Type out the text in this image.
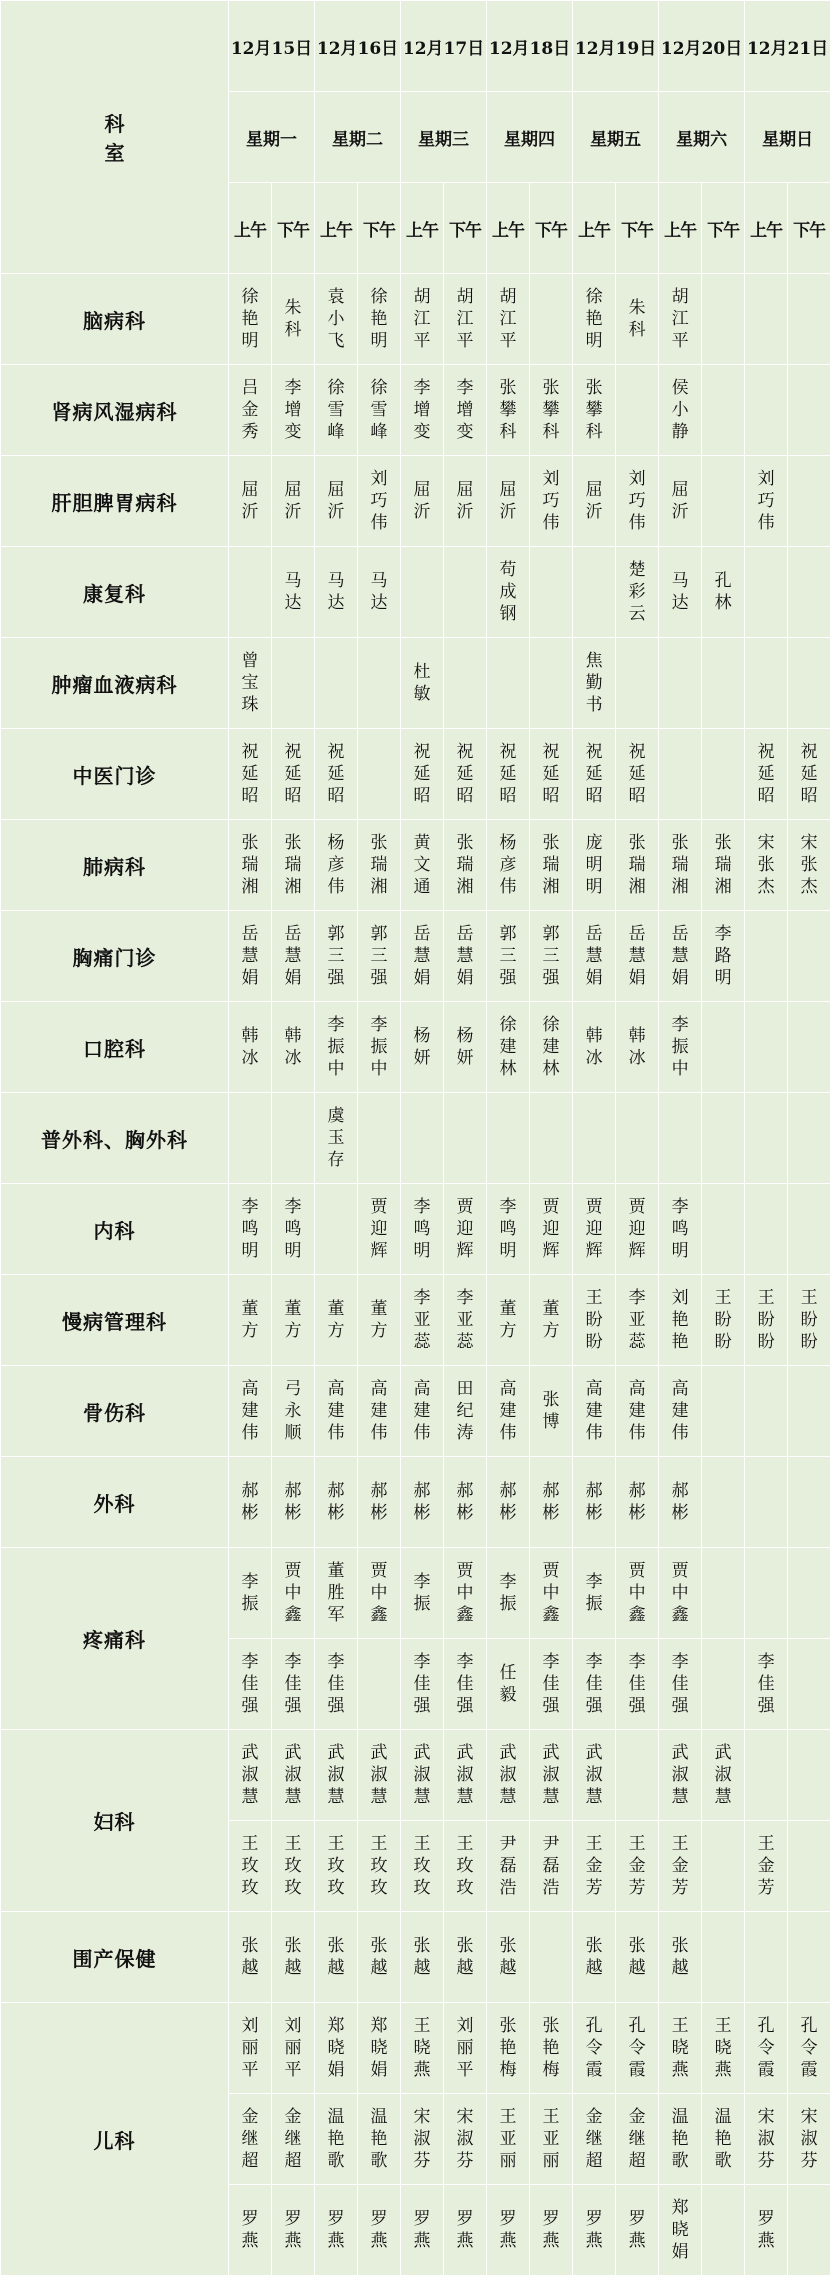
科　室	12月15日		12月16日		12月17日		12月18日		12月19日		12月20日		12月21日	
	星期一		星期二		星期三		星期四		星期五		星期六		星期日	
	上午	下午	上午	下午	上午	下午	上午	下午	上午	下午	上午	下午	上午	下午
脑病科	徐艳明	朱科	袁小飞	徐艳明	胡江平	胡江平	胡江平		徐艳明	朱科	胡江平			
肾病风湿病科	吕金秀	李增变	徐雪峰	徐雪峰	李增变	李增变	张攀科	张攀科	张攀科		侯小静			
肝胆脾胃病科	屈沂	屈沂	屈沂	刘巧伟	屈沂	屈沂	屈沂	刘巧伟	屈沂	刘巧伟	屈沂		刘巧伟	
康复科		马达	马达	马达			苟成钢			楚彩云	马达	孔林		
肿瘤血液病科	曾宝珠				杜敏				焦勤书					
中医门诊	祝延昭	祝延昭	祝延昭		祝延昭	祝延昭	祝延昭	祝延昭	祝延昭	祝延昭			祝延昭	祝延昭
肺病科	张瑞湘	张瑞湘	杨彦伟	张瑞湘	黄文通	张瑞湘	杨彦伟	张瑞湘	庞明明	张瑞湘	张瑞湘	张瑞湘	宋张杰	宋张杰
胸痛门诊	岳慧娟	岳慧娟	郭三强	郭三强	岳慧娟	岳慧娟	郭三强	郭三强	岳慧娟	岳慧娟	岳慧娟	李路明		
口腔科	韩冰	韩冰	李振中	李振中	杨妍	杨妍	徐建林	徐建林	韩冰	韩冰	李振中			
普外科、胸外科			虞玉存											
内科	李鸣明	李鸣明		贾迎辉	李鸣明	贾迎辉	李鸣明	贾迎辉	贾迎辉	贾迎辉	李鸣明			
慢病管理科	董方	董方	董方	董方	李亚蕊	李亚蕊	董方	董方	王盼盼	李亚蕊	刘艳艳	王盼盼	王盼盼	王盼盼
骨伤科	高建伟	弓永顺	高建伟	高建伟	高建伟	田纪涛	高建伟	张博	高建伟	高建伟	高建伟			
外科	郝彬	郝彬	郝彬	郝彬	郝彬	郝彬	郝彬	郝彬	郝彬	郝彬	郝彬			
疼痛科	李振	贾中鑫	董胜军	贾中鑫	李振	贾中鑫	李振	贾中鑫	李振	贾中鑫	贾中鑫			
	李佳强	李佳强	李佳强		李佳强	李佳强	任毅	李佳强	李佳强	李佳强	李佳强		李佳强	
妇科	武淑慧	武淑慧	武淑慧	武淑慧	武淑慧	武淑慧	武淑慧	武淑慧	武淑慧		武淑慧	武淑慧		
	王玫玫	王玫玫	王玫玫	王玫玫	王玫玫	王玫玫	尹磊浩	尹磊浩	王金芳	王金芳	王金芳		王金芳	
围产保健	张越	张越	张越	张越	张越	张越	张越		张越	张越	张越			
儿科	刘丽平	刘丽平	郑晓娟	郑晓娟	王晓燕	刘丽平	张艳梅	张艳梅	孔令霞	孔令霞	王晓燕	王晓燕	孔令霞	孔令霞
	金继超	金继超	温艳歌	温艳歌	宋淑芬	宋淑芬	王亚丽	王亚丽	金继超	金继超	温艳歌	温艳歌	宋淑芬	宋淑芬
	罗燕	罗燕	罗燕	罗燕	罗燕	罗燕	罗燕	罗燕	罗燕	罗燕	郑晓娟		罗燕	
